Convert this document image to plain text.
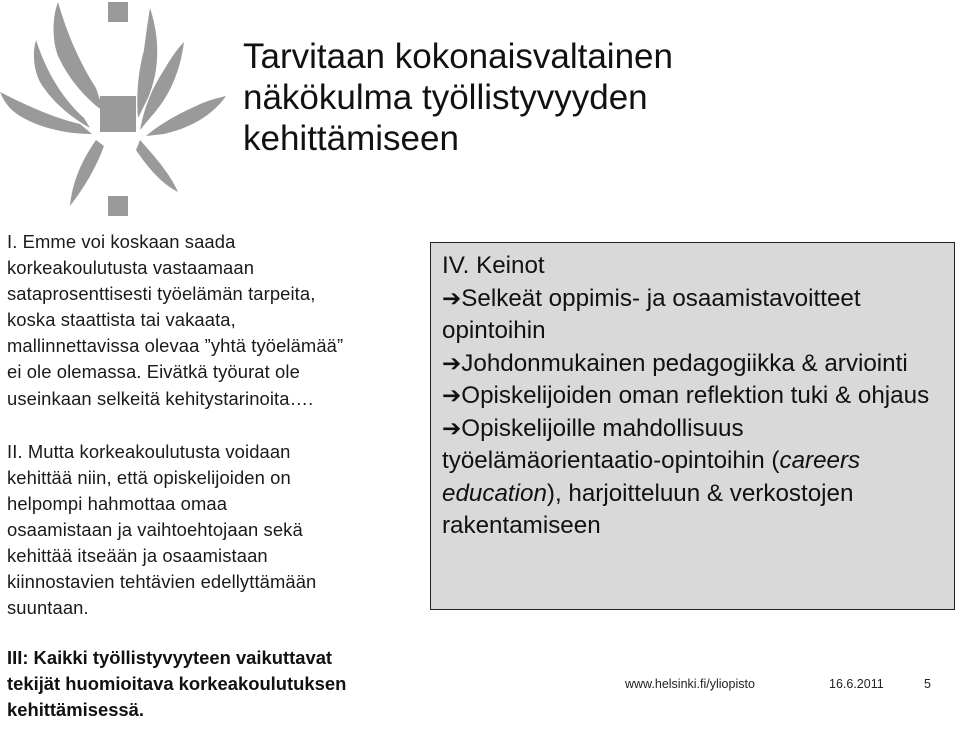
Tarvitaan kokonaisvaltainen näkökulma työllistyvyyden kehittämiseen

I. Emme voi koskaan saada
korkeakoulutusta vastaamaan
sataprosenttisesti työelämän tarpeita,
koska staattista tai vakaata,
mallinnettavissa olevaa ”yhtä työelämää”
ei ole olemassa. Eivätkä työurat ole
useinkaan selkeitä kehitystarinoita….

II. Mutta korkeakoulutusta voidaan
kehittää niin, että opiskelijoiden on
helpompi hahmottaa omaa
osaamistaan ja vaihtoehtojaan sekä
kehittää itseään ja osaamistaan
kiinnostavien tehtävien edellyttämään
suuntaan.

III: Kaikki työllistyvyyteen vaikuttavat
tekijät huomioitava korkeakoulutuksen
kehittämisessä.

IV. Keinot

➔Selkeät oppimis- ja osaamistavoitteet opintoihin

➔Johdonmukainen pedagogiikka & arviointi

➔Opiskelijoiden oman reflektion tuki & ohjaus

➔Opiskelijoille mahdollisuus työelämäorientaatio-opintoihin (careers education), harjoitteluun & verkostojen rakentamiseen

www.helsinki.fi/yliopisto	16.6.2011	5
